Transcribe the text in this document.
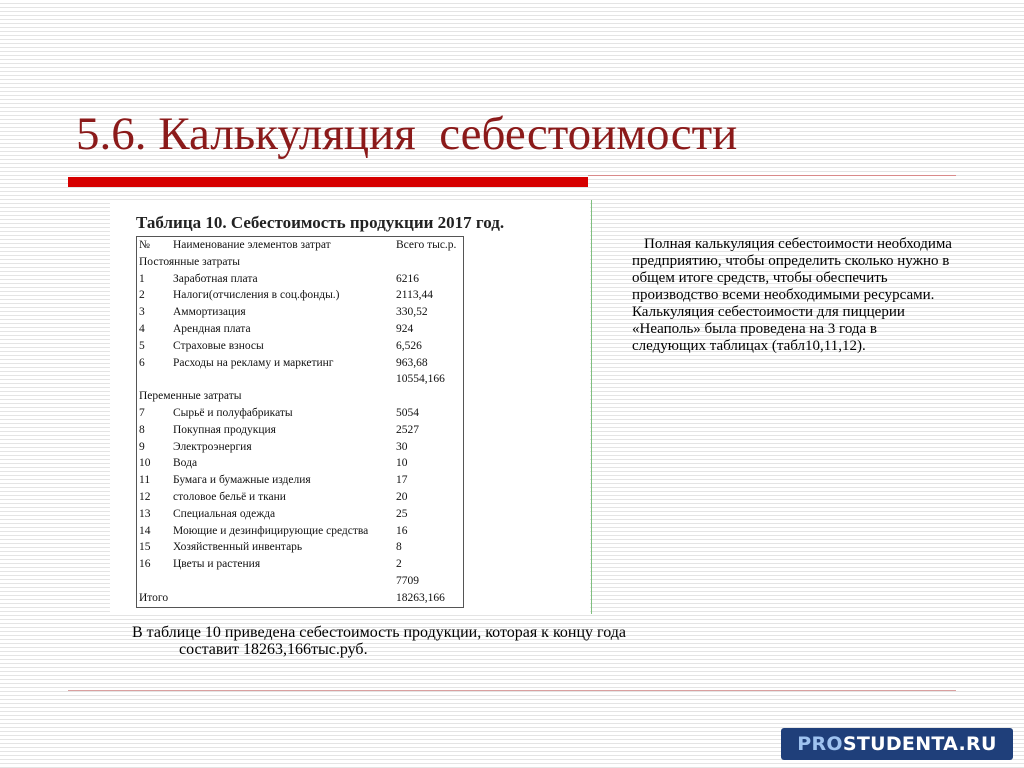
5.6. Калькуляция  себестоимости

Таблица 10. Себестоимость продукции 2017 год.

№ Наименование элементов затрат	Всего тыс.р.
Постоянные затраты
1 Заработная плата	6216
2 Налоги(отчисления в соц.фонды.)	2113,44
3 Аммортизация	330,52
4 Арендная плата	924
5 Страховые взносы	6,526
6 Расходы на рекламу и маркетинг	963,68
10554,166
Переменные затраты
7 Сырьё и полуфабрикаты	5054
8 Покупная продукция	2527
9 Электроэнергия	30
10 Вода	10
11 Бумага и бумажные изделия	17
12 столовое бельё и ткани	20
13 Специальная одежда	25
14 Моющие и дезинфицирующие средства 16
15 Хозяйственный инвентарь	8
16 Цветы и растения	2
7709
Итого	18263,166

В таблице 10 приведена себестоимость продукции, которая к концу года составит 18263,166тыс.руб.

Полная калькуляция себестоимости необходима предприятию, чтобы определить сколько нужно в общем итоге средств, чтобы обеспечить производство всеми необходимыми ресурсами. Калькуляция себестоимости для пиццерии «Неаполь» была проведена на 3 года в следующих таблицах (табл10,11,12).

PROSTUDENTA.RU
